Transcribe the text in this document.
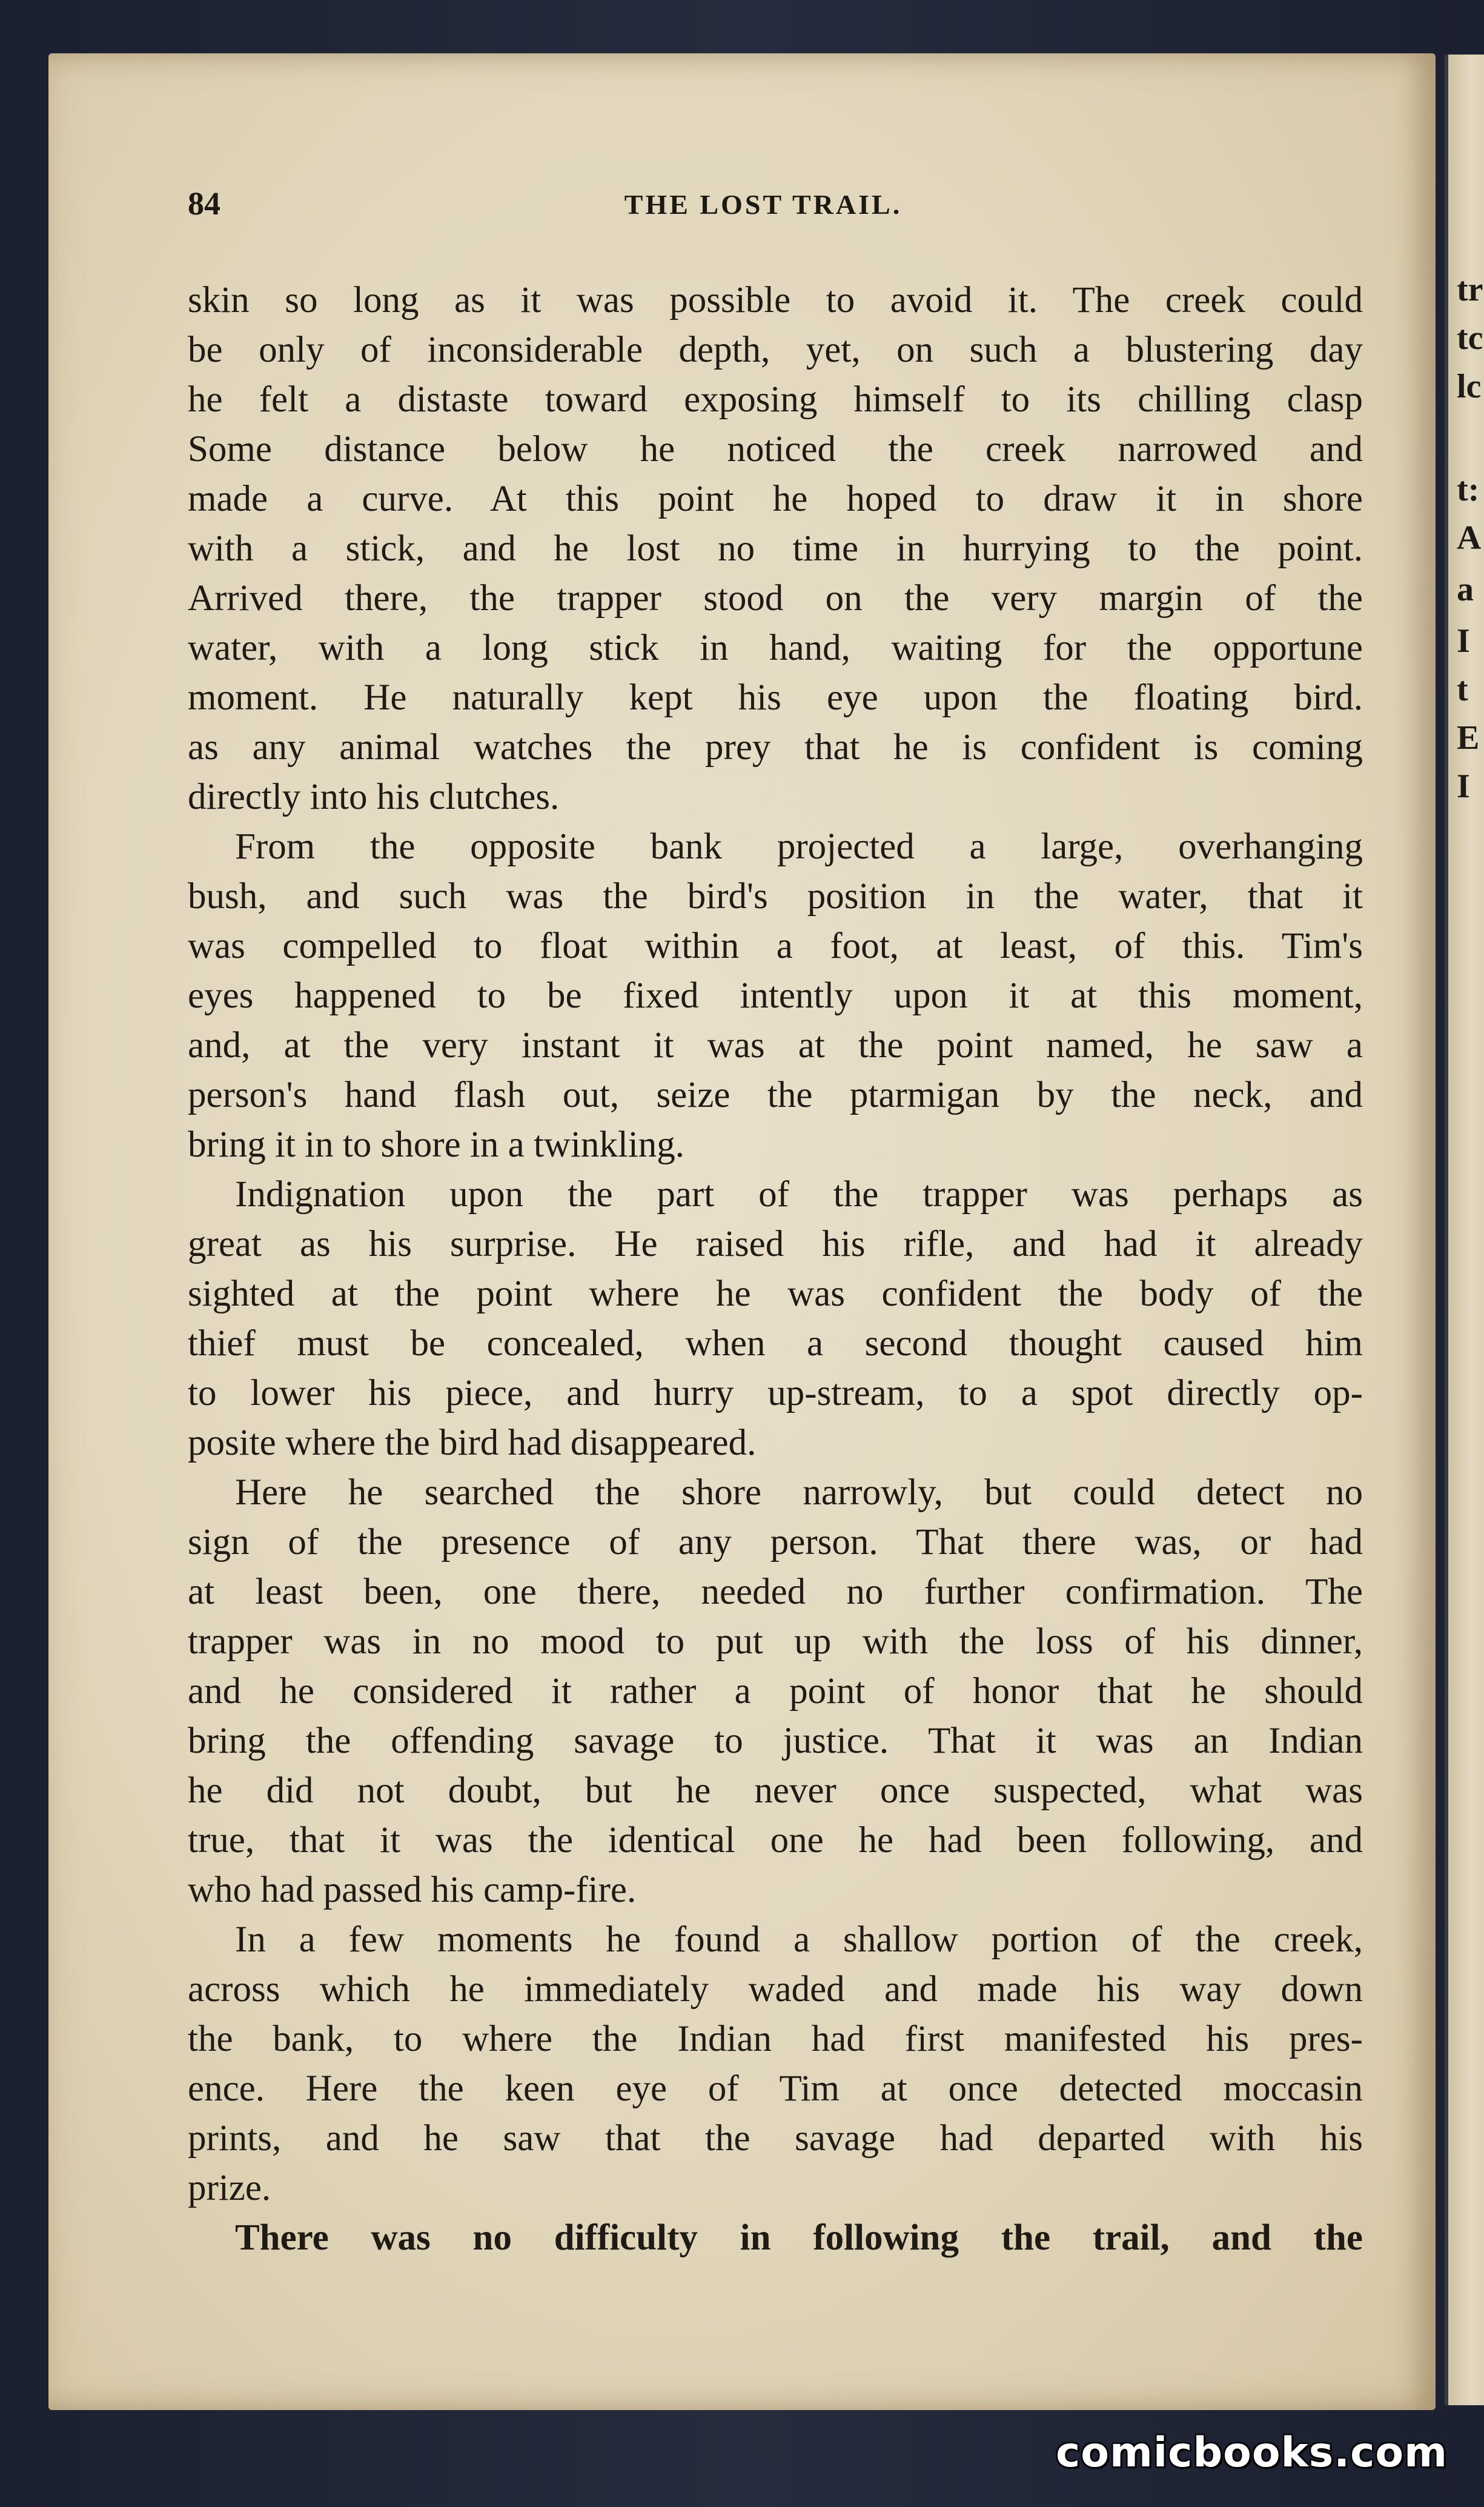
tr
tc
lc
t:
A
a
I
t
E
I
84	THE LOST TRAIL.
skin so long as it was possible to avoid it. The creek could
be only of inconsiderable depth, yet, on such a blustering day
he felt a distaste toward exposing himself to its chilling clasp
Some distance below he noticed the creek narrowed and
made a curve. At this point he hoped to draw it in shore
with a stick, and he lost no time in hurrying to the point.
Arrived there, the trapper stood on the very margin of the
water, with a long stick in hand, waiting for the opportune
moment. He naturally kept his eye upon the floating bird.
as any animal watches the prey that he is confident is coming
directly into his clutches.
From the opposite bank projected a large, overhanging
bush, and such was the bird's position in the water, that it
was compelled to float within a foot, at least, of this. Tim's
eyes happened to be fixed intently upon it at this moment,
and, at the very instant it was at the point named, he saw a
person's hand flash out, seize the ptarmigan by the neck, and
bring it in to shore in a twinkling.
Indignation upon the part of the trapper was perhaps as
great as his surprise. He raised his rifle, and had it already
sighted at the point where he was confident the body of the
thief must be concealed, when a second thought caused him
to lower his piece, and hurry up-stream, to a spot directly op-
posite where the bird had disappeared.
Here he searched the shore narrowly, but could detect no
sign of the presence of any person. That there was, or had
at least been, one there, needed no further confirmation. The
trapper was in no mood to put up with the loss of his dinner,
and he considered it rather a point of honor that he should
bring the offending savage to justice. That it was an Indian
he did not doubt, but he never once suspected, what was
true, that it was the identical one he had been following, and
who had passed his camp-fire.
In a few moments he found a shallow portion of the creek,
across which he immediately waded and made his way down
the bank, to where the Indian had first manifested his pres-
ence. Here the keen eye of Tim at once detected moccasin
prints, and he saw that the savage had departed with his
prize.
There was no difficulty in following the trail, and the
comicbooks.com
